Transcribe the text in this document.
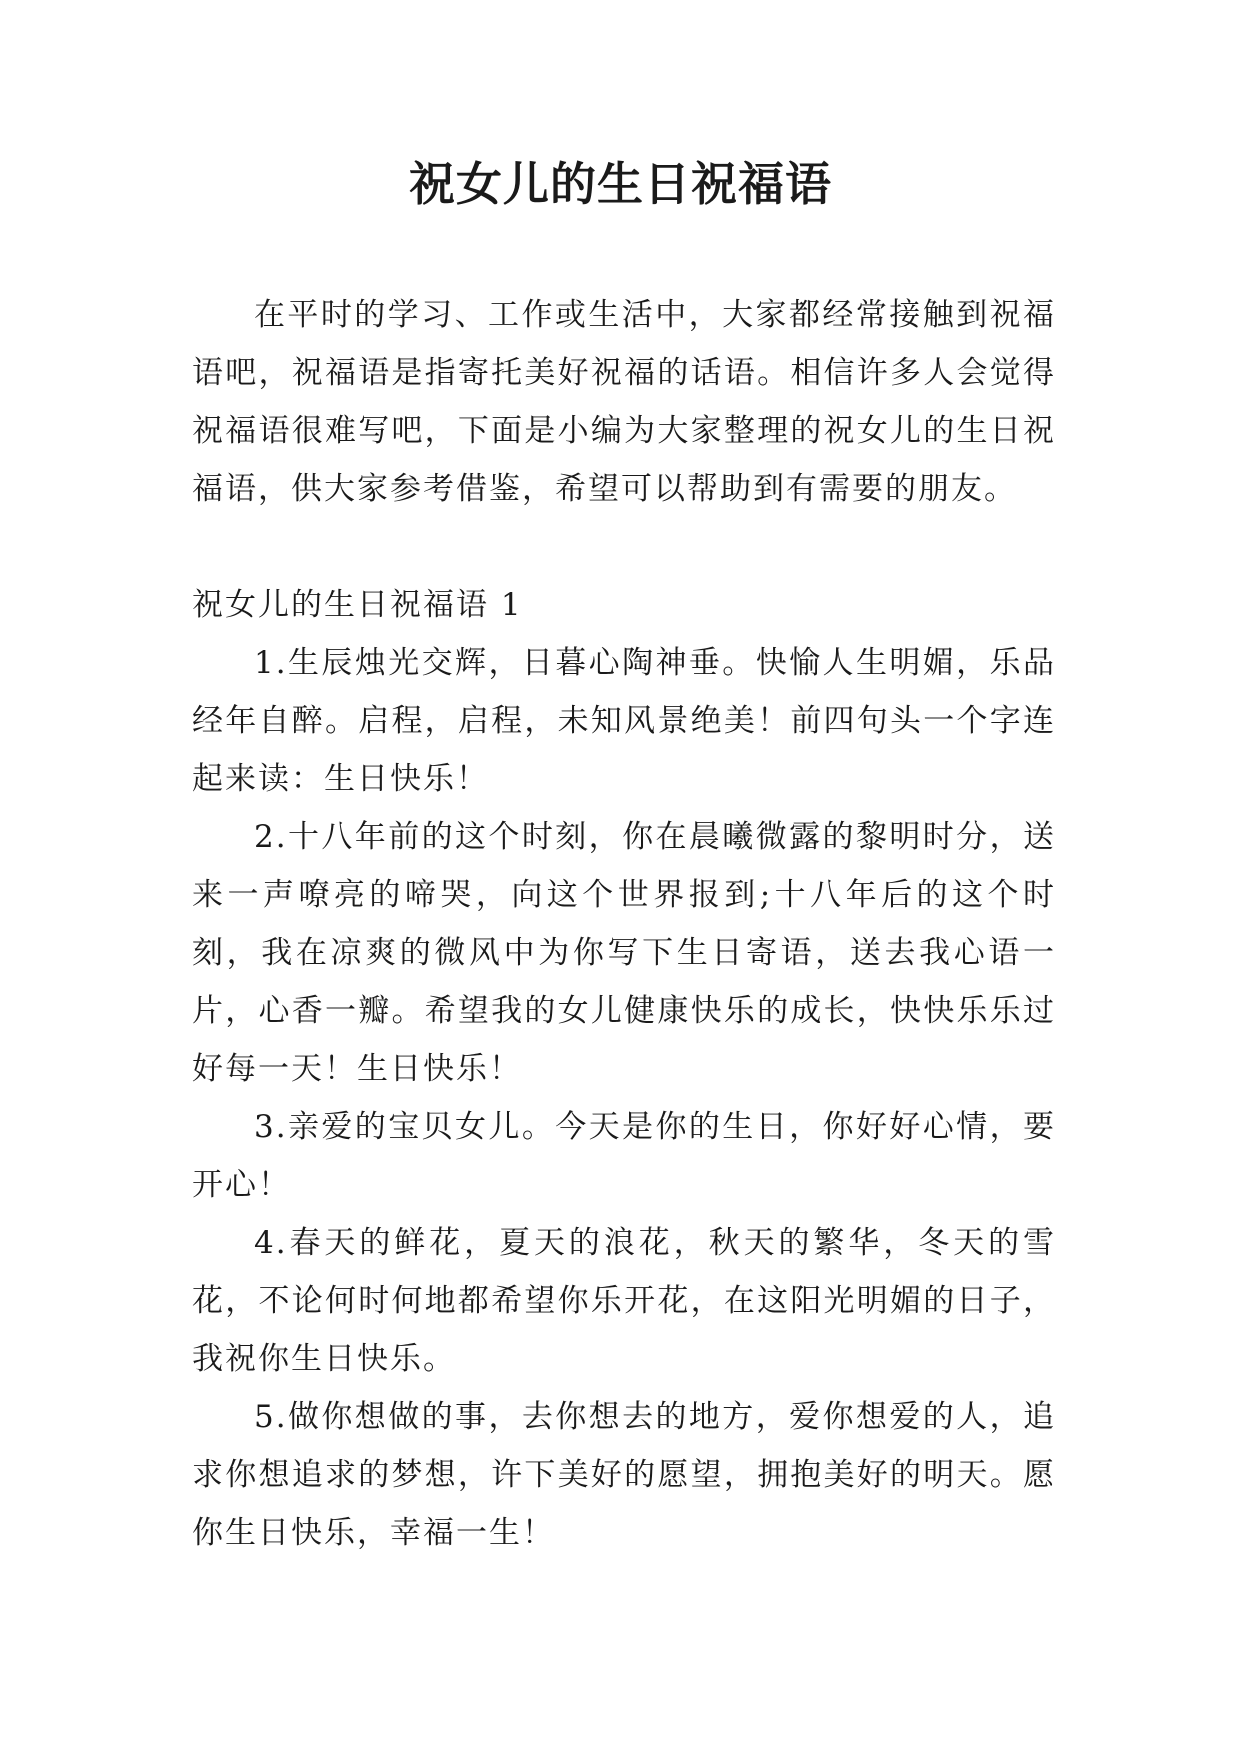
祝女儿的生日祝福语

在平时的学习、工作或生活中，大家都经常接触到祝福语吧，祝福语是指寄托美好祝福的话语。相信许多人会觉得祝福语很难写吧，下面是小编为大家整理的祝女儿的生日祝福语，供大家参考借鉴，希望可以帮助到有需要的朋友。

祝女儿的生日祝福语 1

1.生辰烛光交辉，日暮心陶神垂。快愉人生明媚，乐品经年自醉。启程，启程，未知风景绝美！前四句头一个字连起来读：生日快乐！

2.十八年前的这个时刻，你在晨曦微露的黎明时分，送来一声嘹亮的啼哭，向这个世界报到;十八年后的这个时刻，我在凉爽的微风中为你写下生日寄语，送去我心语一片，心香一瓣。希望我的女儿健康快乐的成长，快快乐乐过好每一天！生日快乐！

3.亲爱的宝贝女儿。今天是你的生日，你好好心情，要开心！

4.春天的鲜花，夏天的浪花，秋天的繁华，冬天的雪花，不论何时何地都希望你乐开花，在这阳光明媚的日子，我祝你生日快乐。

5.做你想做的事，去你想去的地方，爱你想爱的人，追求你想追求的梦想，许下美好的愿望，拥抱美好的明天。愿你生日快乐，幸福一生！
